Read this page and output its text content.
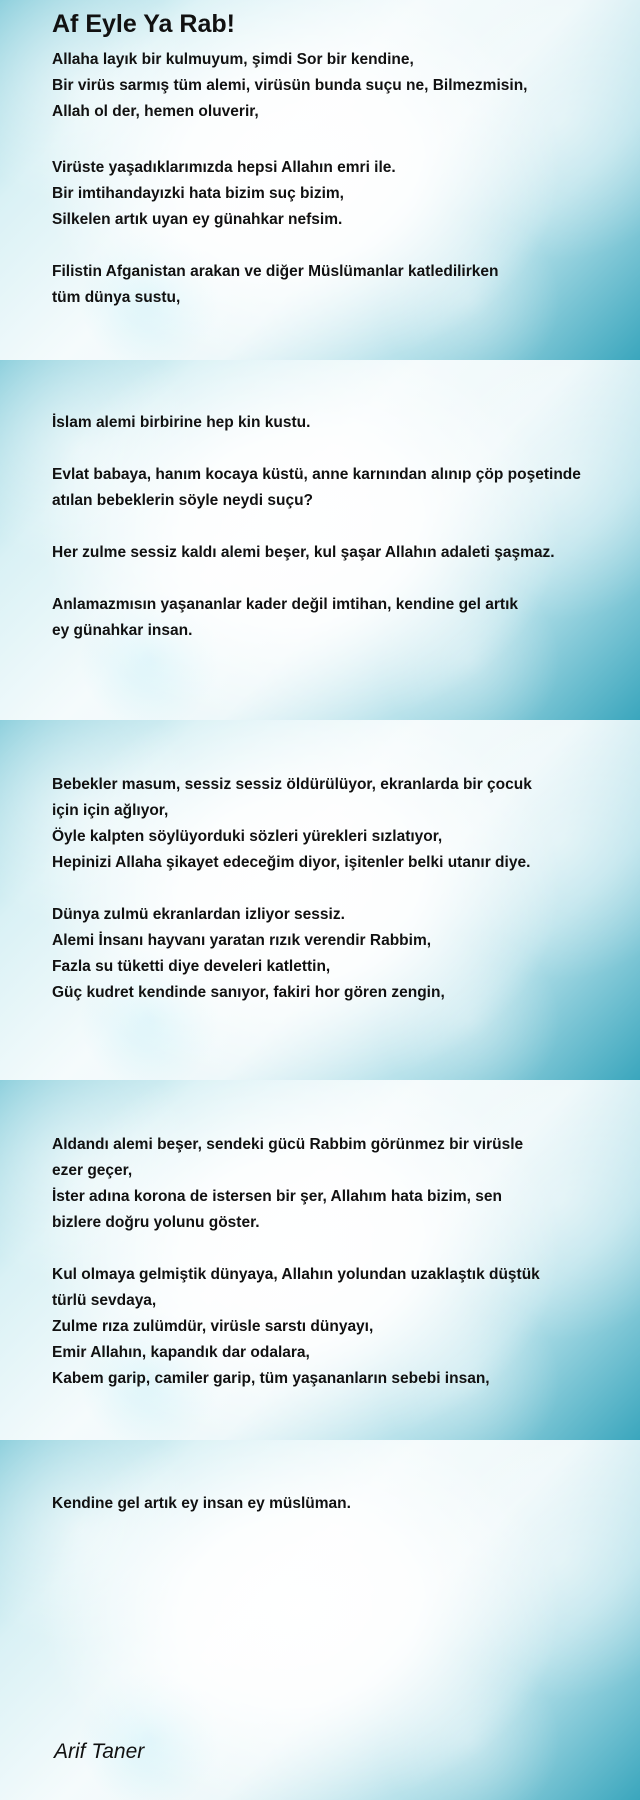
Af Eyle Ya Rab!
Allaha layık bir kulmuyum, şimdi Sor bir kendine,
Bir virüs sarmış tüm alemi, virüsün bunda suçu ne, Bilmezmisin,
Allah ol der, hemen oluverir,
Virüste yaşadıklarımızda hepsi Allahın emri ile.
Bir imtihandayızki hata bizim suç bizim,
Silkelen artık uyan ey günahkar nefsim.
Filistin Afganistan arakan ve diğer Müslümanlar katledilirken
tüm dünya sustu,
İslam alemi birbirine hep kin kustu.
Evlat babaya, hanım kocaya küstü, anne karnından alınıp çöp poşetinde
atılan bebeklerin söyle neydi suçu?
Her zulme sessiz kaldı alemi beşer, kul şaşar Allahın adaleti şaşmaz.
Anlamazmısın yaşananlar kader değil imtihan, kendine gel artık
ey günahkar insan.
Bebekler masum, sessiz sessiz öldürülüyor, ekranlarda bir çocuk
için için ağlıyor,
Öyle kalpten söylüyorduki sözleri yürekleri sızlatıyor,
Hepinizi Allaha şikayet edeceğim diyor, işitenler belki utanır diye.
Dünya zulmü ekranlardan izliyor sessiz.
Alemi İnsanı hayvanı yaratan rızık verendir Rabbim,
Fazla su tüketti diye develeri katlettin,
Güç kudret kendinde sanıyor, fakiri hor gören zengin,
Aldandı alemi beşer, sendeki gücü Rabbim görünmez bir virüsle
ezer geçer,
İster adına korona de istersen bir şer, Allahım hata bizim, sen
bizlere doğru yolunu göster.
Kul olmaya gelmiştik dünyaya, Allahın yolundan uzaklaştık düştük
türlü sevdaya,
Zulme rıza zulümdür, virüsle sarstı dünyayı,
Emir Allahın, kapandık dar odalara,
Kabem garip, camiler garip, tüm yaşananların sebebi insan,
Kendine gel artık ey insan ey müslüman.
Arif Taner
